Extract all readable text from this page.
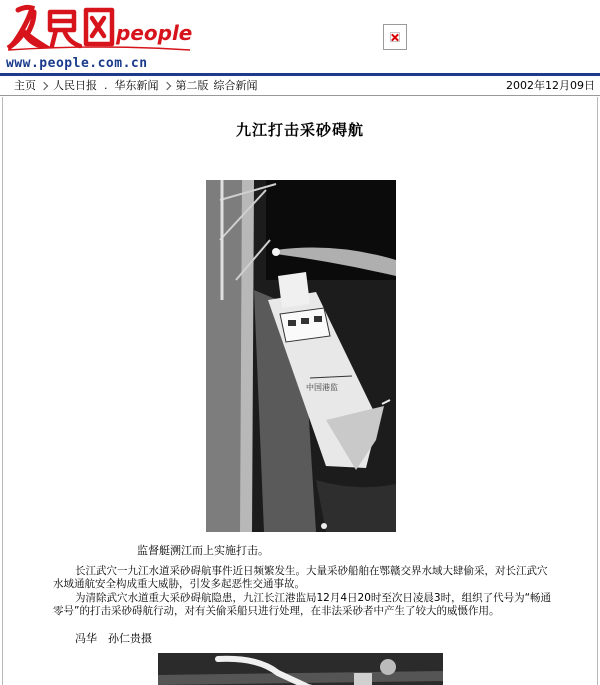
people
www.people.com.cn
主页 人民日报 . 华东新闻 第二版 综合新闻	2002年12月09日
九江打击采砂碍航
中国港监
监督艇溯江而上实施打击。

长江武穴一九江水道采砂碍航事件近日频繁发生。大量采砂船舶在鄂赣交界水域大肆偷采，对长江武穴水域通航安全构成重大威胁，引发多起恶性交通事故。

为清除武穴水道重大采砂碍航隐患，九江长江港监局12月4日20时至次日凌晨3时，组织了代号为“畅通零号”的打击采砂碍航行动，对有关偷采船只进行处理，在非法采砂者中产生了较大的威慑作用。

冯华　孙仁贵摄
